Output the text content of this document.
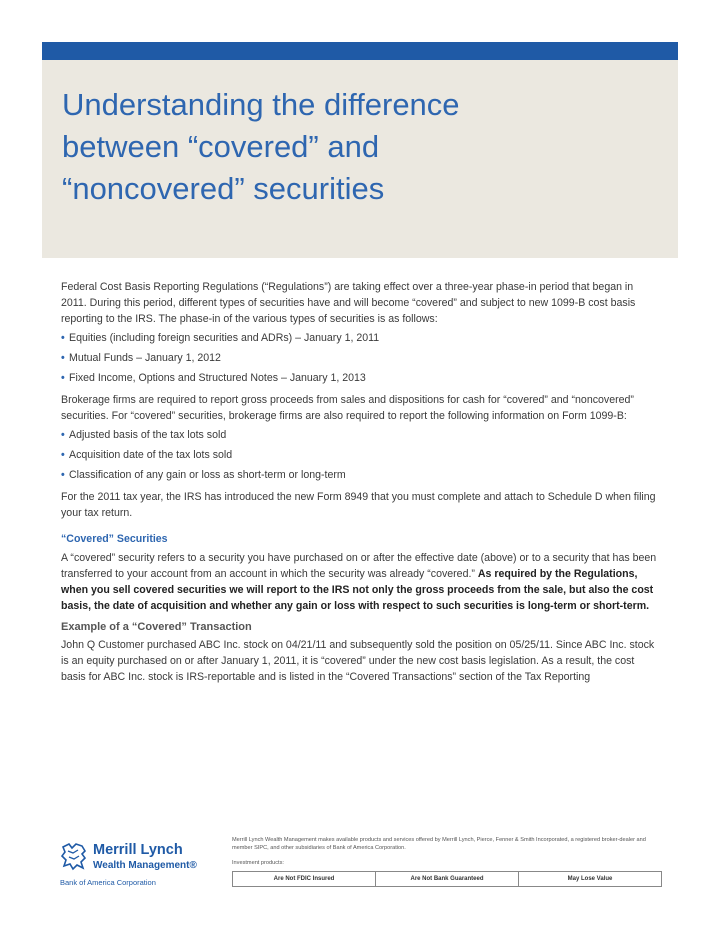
Understanding the difference
between “covered” and
“noncovered” securities

Federal Cost Basis Reporting Regulations (“Regulations”) are taking effect over a three-year phase-in period that began in 2011. During this period, different types of securities have and will become “covered” and subject to new 1099-B cost basis reporting to the IRS. The phase-in of the various types of securities is as follows:

• Equities (including foreign securities and ADRs) – January 1, 2011
• Mutual Funds – January 1, 2012
• Fixed Income, Options and Structured Notes – January 1, 2013

Brokerage firms are required to report gross proceeds from sales and dispositions for cash for “covered” and “noncovered” securities. For “covered” securities, brokerage firms are also required to report the following information on Form 1099-B:

• Adjusted basis of the tax lots sold
• Acquisition date of the tax lots sold
• Classification of any gain or loss as short-term or long-term

For the 2011 tax year, the IRS has introduced the new Form 8949 that you must complete and attach to Schedule D when filing your tax return.

“Covered” Securities

A “covered” security refers to a security you have purchased on or after the effective date (above) or to a security that has been transferred to your account from an account in which the security was already “covered.” As required by the Regulations, when you sell covered securities we will report to the IRS not only the gross proceeds from the sale, but also the cost basis, the date of acquisition and whether any gain or loss with respect to such securities is long-term or short-term.

Example of a “Covered” Transaction

John Q Customer purchased ABC Inc. stock on 04/21/11 and subsequently sold the position on 05/25/11. Since ABC Inc. stock is an equity purchased on or after January 1, 2011, it is “covered” under the new cost basis legislation. As a result, the cost basis for ABC Inc. stock is IRS-reportable and is listed in the “Covered Transactions” section of the Tax Reporting

Merrill Lynch
Wealth Management®
Bank of America Corporation
Merrill Lynch Wealth Management makes available products and services offered by Merrill Lynch, Pierce, Fenner & Smith Incorporated, a registered broker-dealer and member SIPC, and other subsidiaries of Bank of America Corporation.
Investment products:
Are Not FDIC Insured	Are Not Bank Guaranteed	May Lose Value
